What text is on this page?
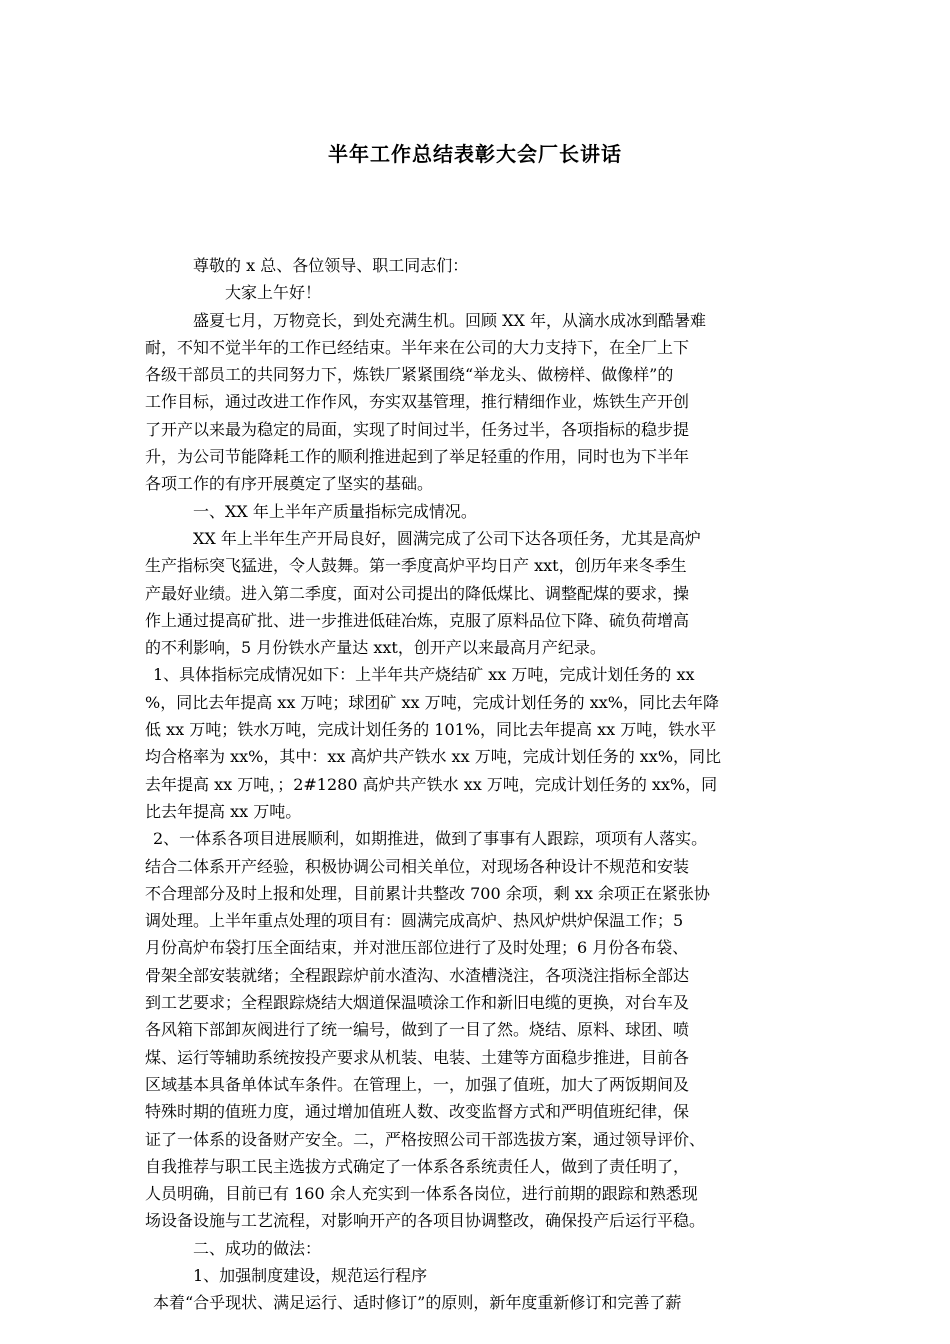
半年工作总结表彰大会厂长讲话
尊敬的 x 总、各位领导、职工同志们：
大家上午好！
盛夏七月，万物竞长，到处充满生机。回顾 XX 年，从滴水成冰到酷暑难
耐，不知不觉半年的工作已经结束。半年来在公司的大力支持下，在全厂上下
各级干部员工的共同努力下，炼铁厂紧紧围绕“举龙头、做榜样、做像样”的
工作目标，通过改进工作作风，夯实双基管理，推行精细作业，炼铁生产开创
了开产以来最为稳定的局面，实现了时间过半，任务过半，各项指标的稳步提
升，为公司节能降耗工作的顺利推进起到了举足轻重的作用，同时也为下半年
各项工作的有序开展奠定了坚实的基础。
一、XX 年上半年产质量指标完成情况。
XX 年上半年生产开局良好，圆满完成了公司下达各项任务，尤其是高炉
生产指标突飞猛进，令人鼓舞。第一季度高炉平均日产 xxt，创历年来冬季生
产最好业绩。进入第二季度，面对公司提出的降低煤比、调整配煤的要求，操
作上通过提高矿批、进一步推进低硅冶炼，克服了原料品位下降、硫负荷增高
的不利影响，5 月份铁水产量达 xxt，创开产以来最高月产纪录。
1、具体指标完成情况如下：上半年共产烧结矿 xx 万吨，完成计划任务的 xx
%，同比去年提高 xx 万吨；球团矿 xx 万吨，完成计划任务的 xx%，同比去年降
低 xx 万吨；铁水万吨，完成计划任务的 101%，同比去年提高 xx 万吨，铁水平
均合格率为 xx%，其中：xx 高炉共产铁水 xx 万吨，完成计划任务的 xx%，同比
去年提高 xx 万吨，；2#1280 高炉共产铁水 xx 万吨，完成计划任务的 xx%，同
比去年提高 xx 万吨。
2、一体系各项目进展顺利，如期推进，做到了事事有人跟踪，项项有人落实。
结合二体系开产经验，积极协调公司相关单位，对现场各种设计不规范和安装
不合理部分及时上报和处理，目前累计共整改 700 余项，剩 xx 余项正在紧张协
调处理。上半年重点处理的项目有：圆满完成高炉、热风炉烘炉保温工作；5
月份高炉布袋打压全面结束，并对泄压部位进行了及时处理；6 月份各布袋、
骨架全部安装就绪；全程跟踪炉前水渣沟、水渣槽浇注，各项浇注指标全部达
到工艺要求；全程跟踪烧结大烟道保温喷涂工作和新旧电缆的更换，对台车及
各风箱下部卸灰阀进行了统一编号，做到了一目了然。烧结、原料、球团、喷
煤、运行等辅助系统按投产要求从机装、电装、土建等方面稳步推进，目前各
区域基本具备单体试车条件。在管理上，一，加强了值班，加大了两饭期间及
特殊时期的值班力度，通过增加值班人数、改变监督方式和严明值班纪律，保
证了一体系的设备财产安全。二，严格按照公司干部选拔方案，通过领导评价、
自我推荐与职工民主选拔方式确定了一体系各系统责任人，做到了责任明了，
人员明确，目前已有 160 余人充实到一体系各岗位，进行前期的跟踪和熟悉现
场设备设施与工艺流程，对影响开产的各项目协调整改，确保投产后运行平稳。
二、成功的做法：
1、加强制度建设，规范运行程序
本着“合乎现状、满足运行、适时修订”的原则，新年度重新修订和完善了薪
